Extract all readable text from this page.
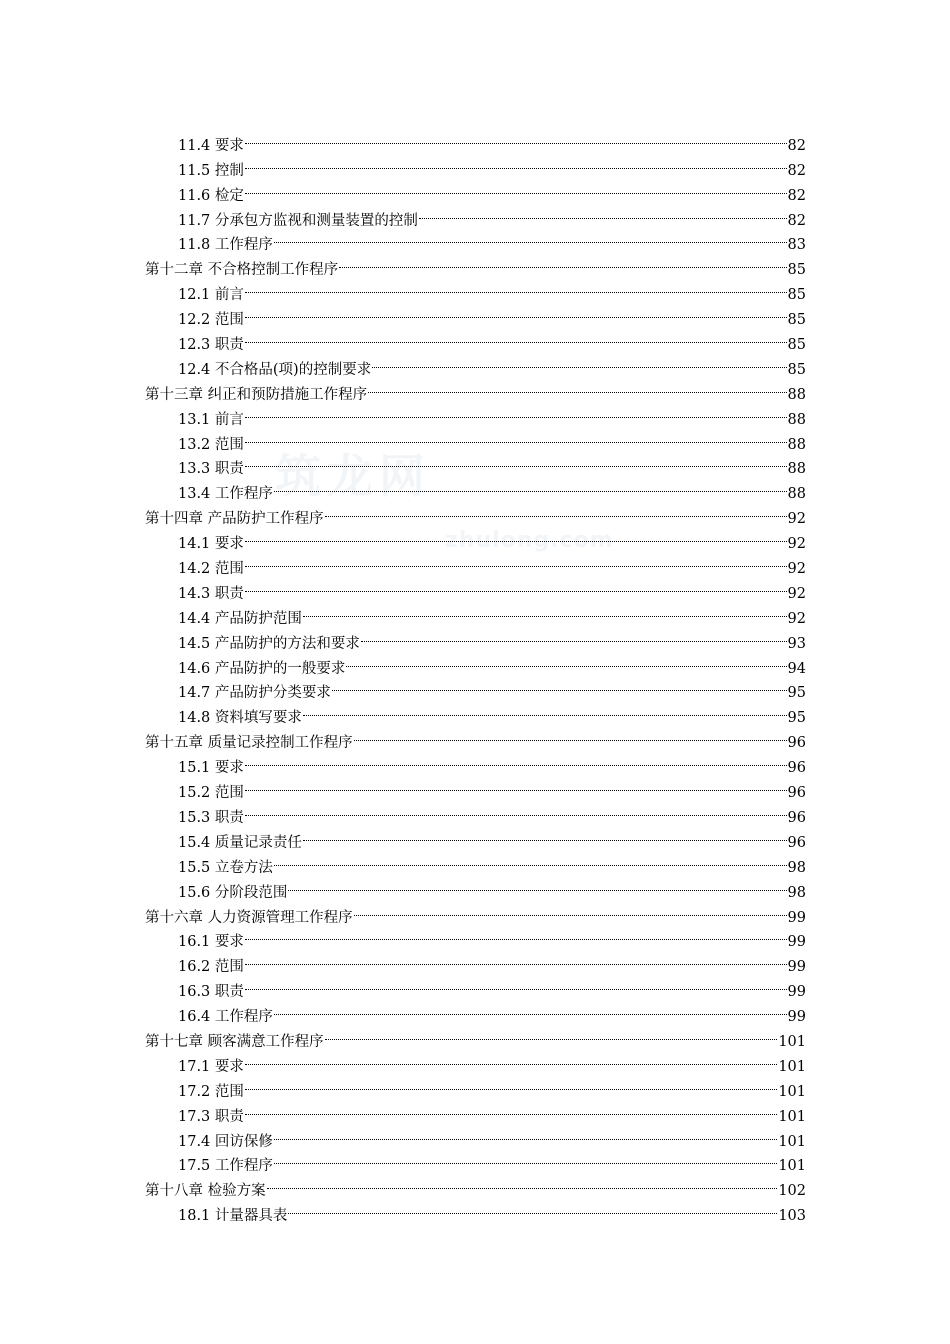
筑龙网
zhulong.com
11.4 要求	82
11.5 控制	82
11.6 检定	82
11.7 分承包方监视和测量装置的控制	82
11.8 工作程序	83
第十二章 不合格控制工作程序	85
12.1 前言	85
12.2 范围	85
12.3 职责	85
12.4 不合格品(项)的控制要求	85
第十三章 纠正和预防措施工作程序	88
13.1 前言	88
13.2 范围	88
13.3 职责	88
13.4 工作程序	88
第十四章 产品防护工作程序	92
14.1 要求	92
14.2 范围	92
14.3 职责	92
14.4 产品防护范围	92
14.5 产品防护的方法和要求	93
14.6 产品防护的一般要求	94
14.7 产品防护分类要求	95
14.8 资料填写要求	95
第十五章 质量记录控制工作程序	96
15.1 要求	96
15.2 范围	96
15.3 职责	96
15.4 质量记录责任	96
15.5 立卷方法	98
15.6 分阶段范围	98
第十六章 人力资源管理工作程序	99
16.1 要求	99
16.2 范围	99
16.3 职责	99
16.4 工作程序	99
第十七章 顾客满意工作程序	101
17.1 要求	101
17.2 范围	101
17.3 职责	101
17.4 回访保修	101
17.5 工作程序	101
第十八章 检验方案	102
18.1 计量器具表	103
